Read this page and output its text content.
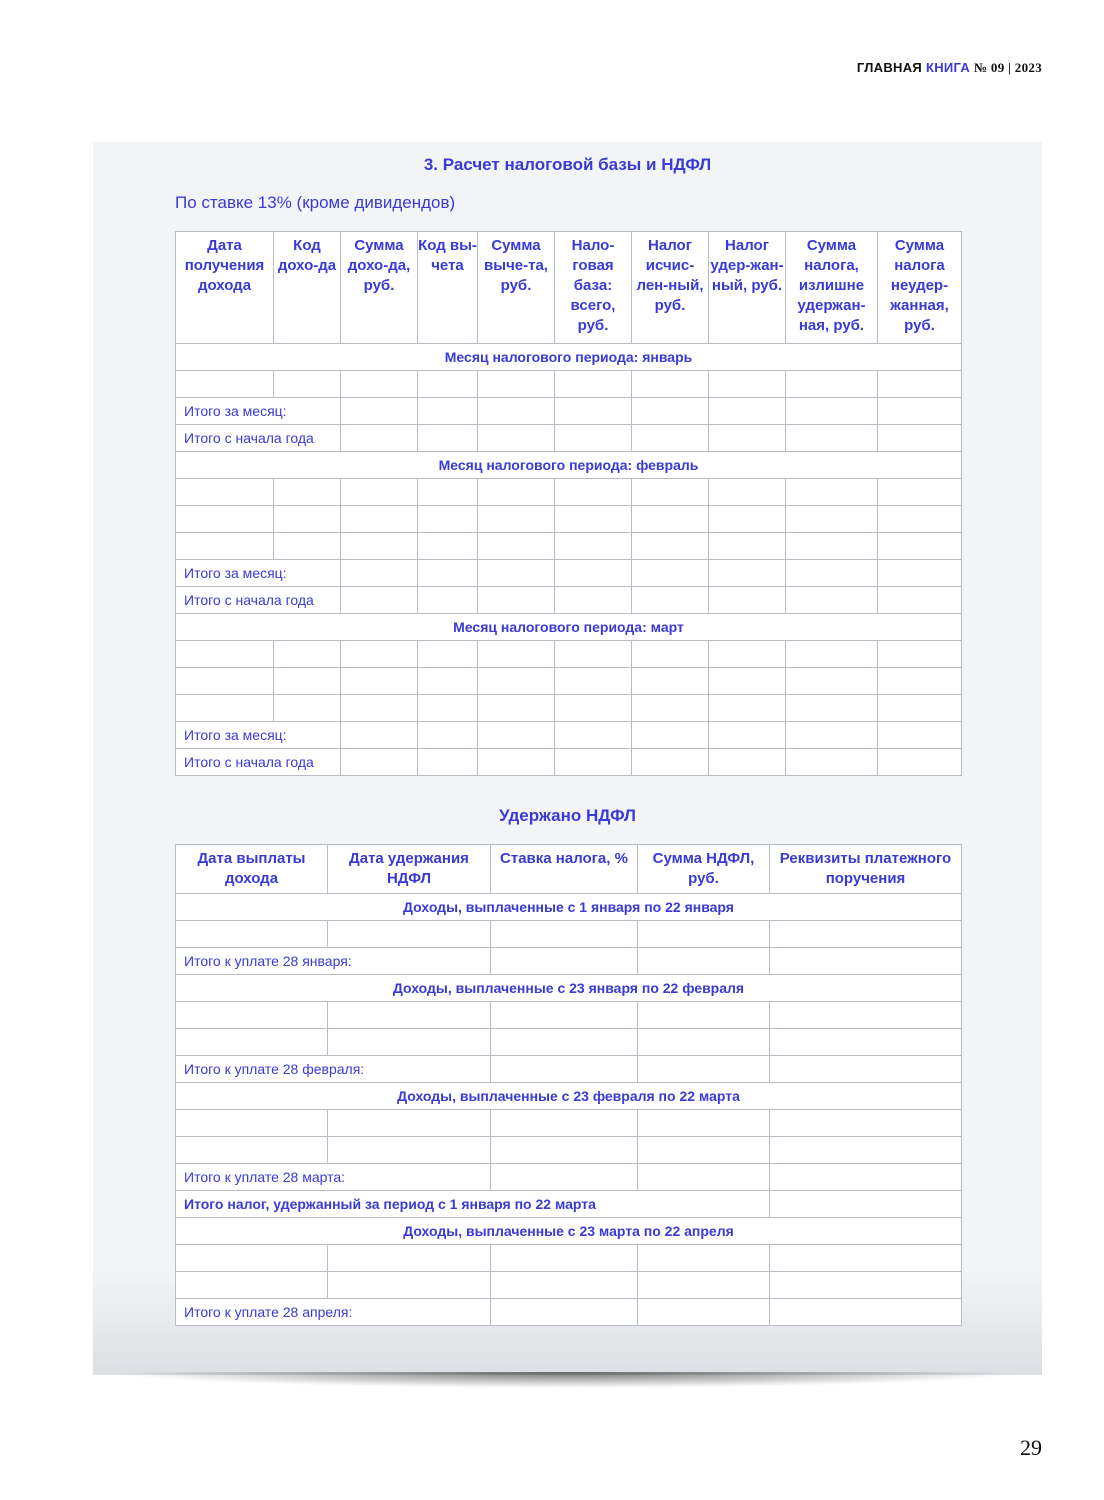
ГЛАВНАЯ КНИГА № 09 | 2023
3. Расчет налоговой базы и НДФЛ
По ставке 13% (кроме дивидендов)
Дата получения дохода	Код дохо-да	Сумма дохо-да, руб.	Код вы-чета	Сумма выче-та, руб.	Нало-говая база: всего, руб.	Налог исчис-лен-ный, руб.	Налог удер-жан-ный, руб.	Сумма налога, излишне удержан-ная, руб.	Сумма налога неудер-жанная, руб.
Месяц налогового периода: январь									

Итого за месяц:									
Итого с начала года									
Месяц налогового периода: февраль									

Итого за месяц:									
Итого с начала года									
Месяц налогового периода: март									

Итого за месяц:									
Итого с начала года									
Удержано НДФЛ
Дата выплаты дохода	Дата удержания НДФЛ	Ставка налога, %	Сумма НДФЛ, руб.	Реквизиты платежного поручения
Доходы, выплаченные с 1 января по 22 января				

Итого к уплате 28 января:				
Доходы, выплаченные с 23 января по 22 февраля				

Итого к уплате 28 февраля:				
Доходы, выплаченные с 23 февраля по 22 марта				

Итого к уплате 28 марта:				
Итого налог, удержанный за период с 1 января по 22 марта				
Доходы, выплаченные с 23 марта по 22 апреля				

Итого к уплате 28 апреля:				
29
